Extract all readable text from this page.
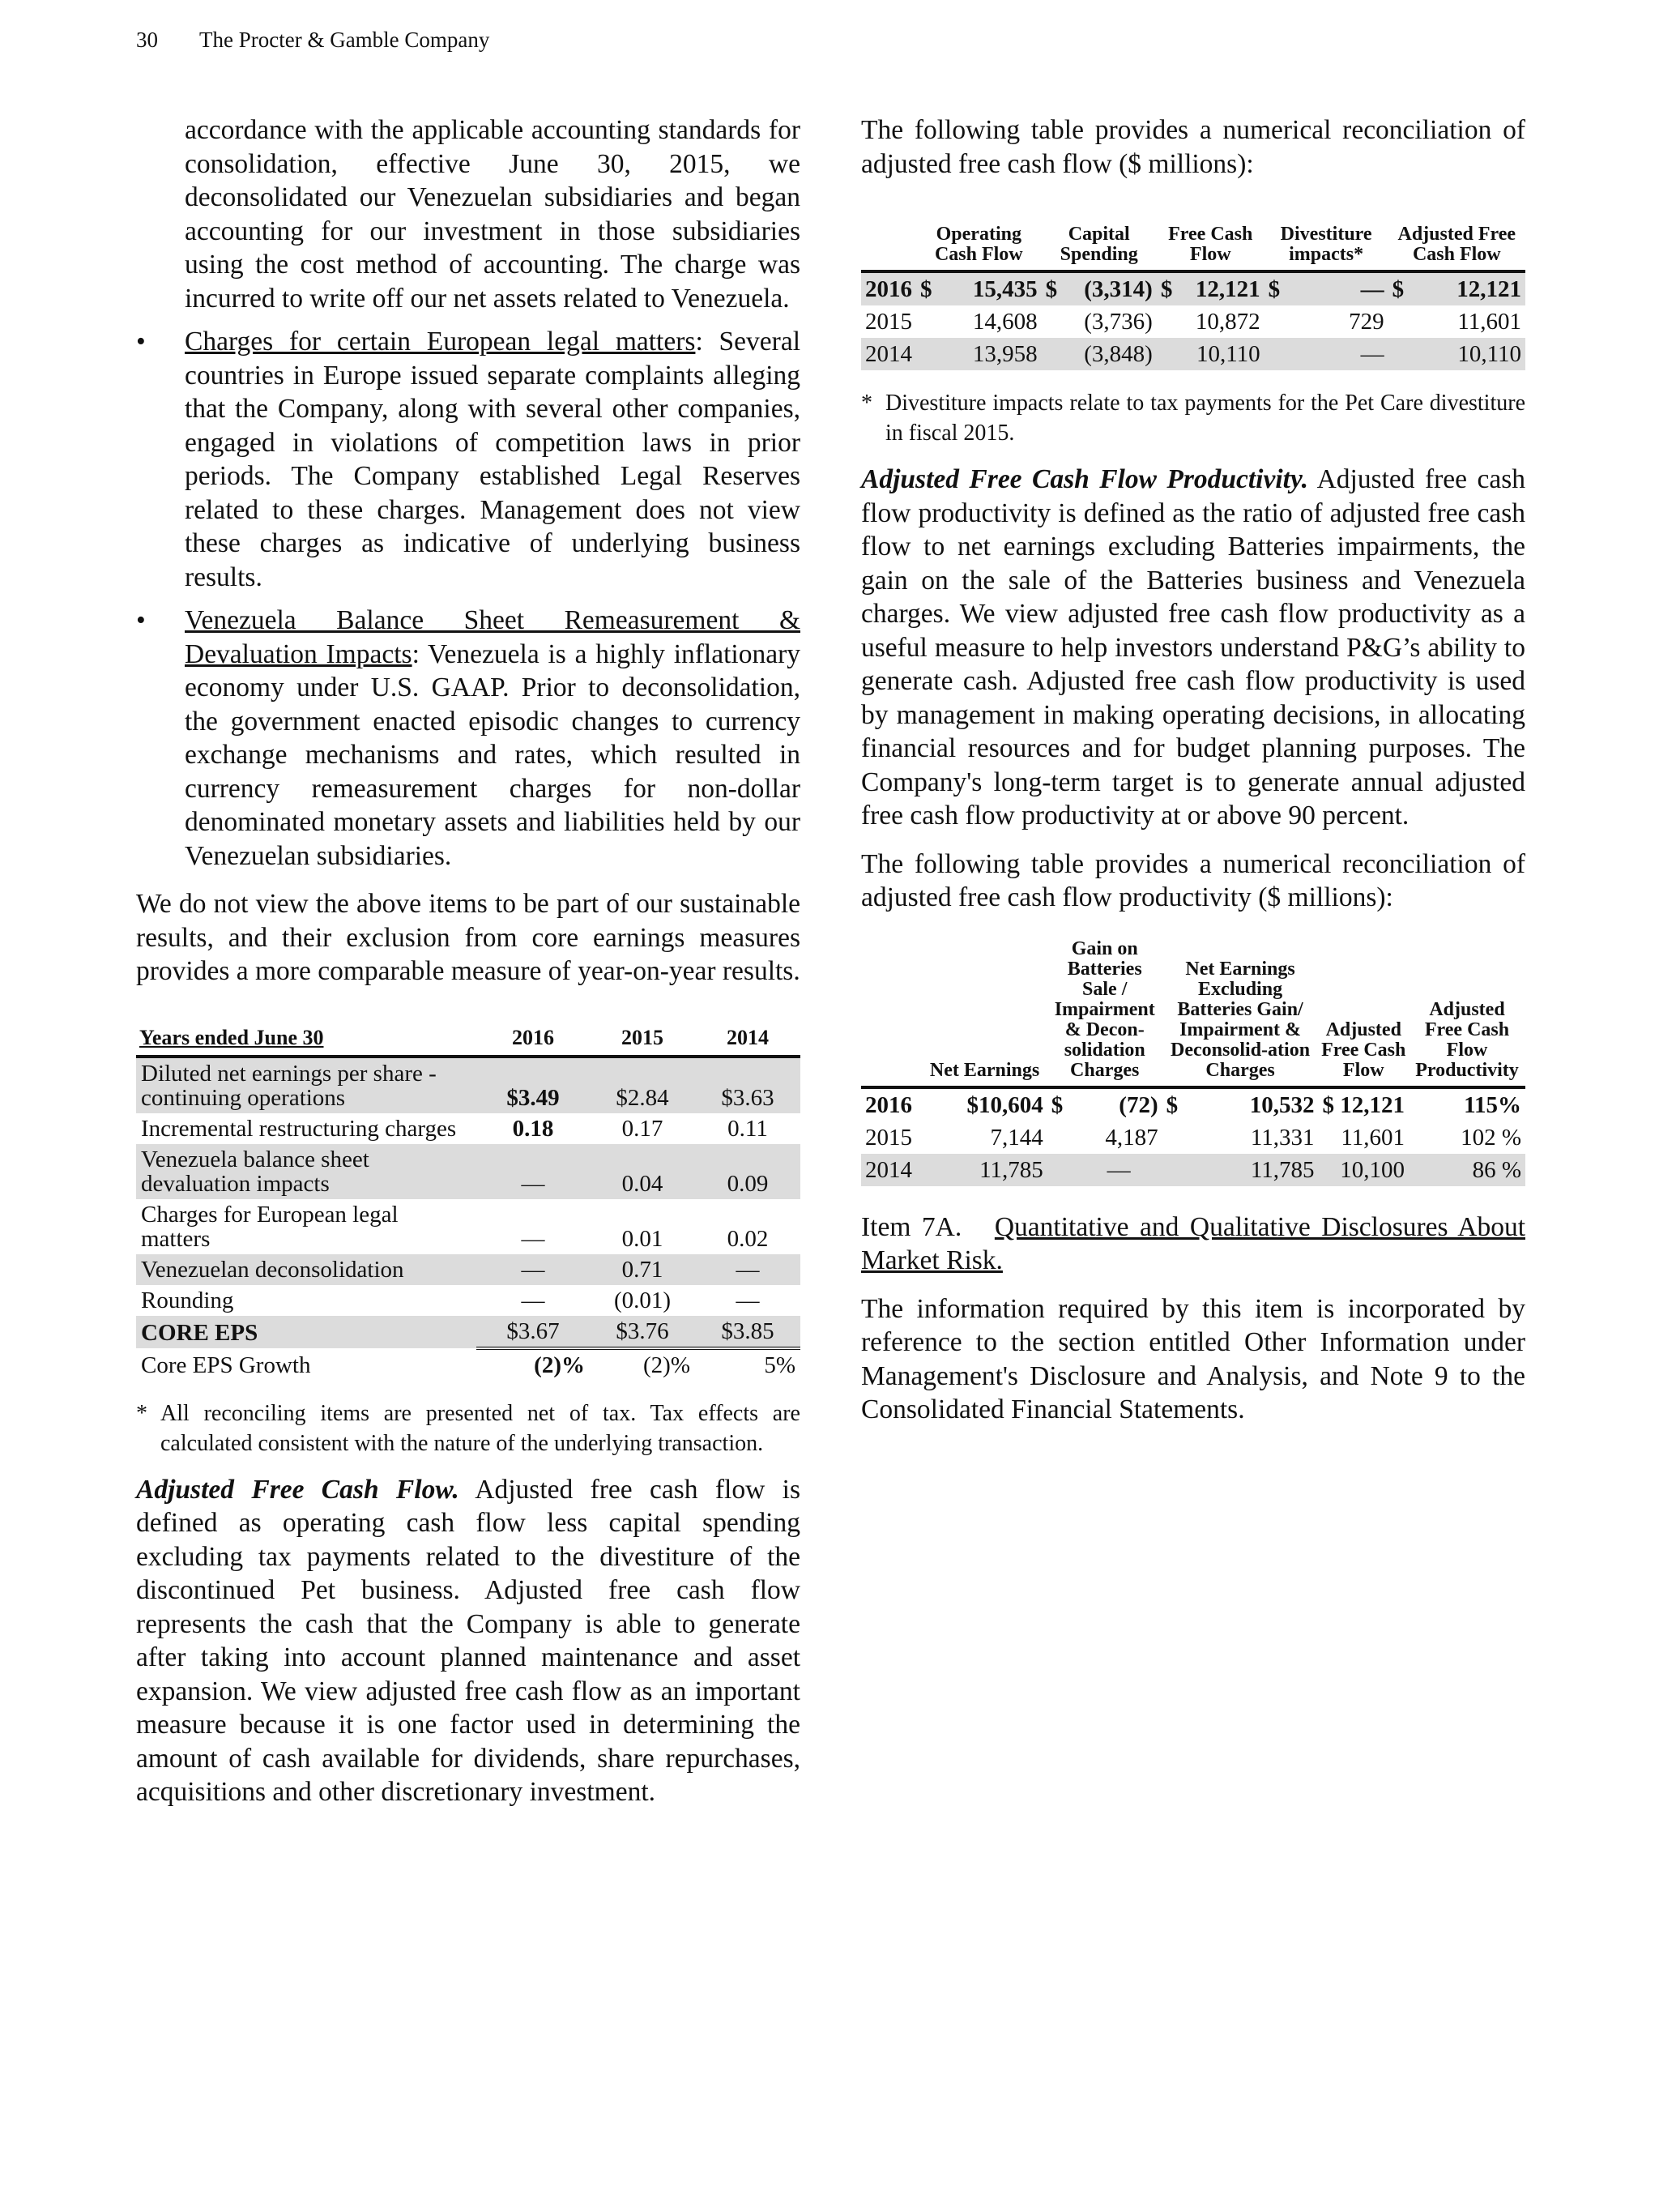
30 The Procter & Gamble Company

accordance with the applicable accounting standards for consolidation, effective June 30, 2015, we deconsolidated our Venezuelan subsidiaries and began accounting for our investment in those subsidiaries using the cost method of accounting. The charge was incurred to write off our net assets related to Venezuela.

• Charges for certain European legal matters: Several countries in Europe issued separate complaints alleging that the Company, along with several other companies, engaged in violations of competition laws in prior periods. The Company established Legal Reserves related to these charges. Management does not view these charges as indicative of underlying business results.
• Venezuela Balance Sheet Remeasurement & Devaluation Impacts: Venezuela is a highly inflationary economy under U.S. GAAP. Prior to deconsolidation, the government enacted episodic changes to currency exchange mechanisms and rates, which resulted in currency remeasurement charges for non-dollar denominated monetary assets and liabilities held by our Venezuelan subsidiaries.

We do not view the above items to be part of our sustainable results, and their exclusion from core earnings measures provides a more comparable measure of year-on-year results.

Years ended June 30	2016	2015	2014
Diluted net earnings per share - continuing operations	$3.49	$2.84	$3.63
Incremental restructuring charges	0.18	0.17	0.11
Venezuela balance sheet devaluation impacts	—	0.04	0.09
Charges for European legal matters	—	0.01	0.02
Venezuelan deconsolidation	—	0.71	—
Rounding	—	(0.01)	—
CORE EPS	$3.67	$3.76	$3.85
Core EPS Growth	(2)%	(2)%	5%
* All reconciling items are presented net of tax. Tax effects are calculated consistent with the nature of the underlying transaction.

Adjusted Free Cash Flow. Adjusted free cash flow is defined as operating cash flow less capital spending excluding tax payments related to the divestiture of the discontinued Pet business. Adjusted free cash flow represents the cash that the Company is able to generate after taking into account planned maintenance and asset expansion. We view adjusted free cash flow as an important measure because it is one factor used in determining the amount of cash available for dividends, share repurchases, acquisitions and other discretionary investment.

The following table provides a numerical reconciliation of adjusted free cash flow ($ millions):

	Operating Cash Flow		Capital Spending		Free Cash Flow		Divestiture impacts*		Adjusted Free Cash Flow	
2016	$	15,435	$	(3,314)	$	12,121	$	—	$	12,121
2015		14,608		(3,736)		10,872		729		11,601
2014		13,958		(3,848)		10,110		—		10,110
* Divestiture impacts relate to tax payments for the Pet Care divestiture in fiscal 2015.

Adjusted Free Cash Flow Productivity. Adjusted free cash flow productivity is defined as the ratio of adjusted free cash flow to net earnings excluding Batteries impairments, the gain on the sale of the Batteries business and Venezuela charges. We view adjusted free cash flow productivity as a useful measure to help investors understand P&G’s ability to generate cash. Adjusted free cash flow productivity is used by management in making operating decisions, in allocating financial resources and for budget planning purposes. The Company's long-term target is to generate annual adjusted free cash flow productivity at or above 90 percent.

The following table provides a numerical reconciliation of adjusted free cash flow productivity ($ millions):

	Net Earnings	Gain on Batteries Sale / Impairment & Decon-solidation Charges		Net Earnings Excluding Batteries Gain/ Impairment & Deconsolid-ation Charges		Adjusted Free Cash Flow	Adjusted Free Cash Flow Productivity
2016	$10,604	$	(72)	$	10,532	$ 12,121	115%
2015	7,144		4,187		11,331	11,601	102 %
2014	11,785		—		11,785	10,100	86 %

Item 7A. Quantitative and Qualitative Disclosures About Market Risk.

The information required by this item is incorporated by reference to the section entitled Other Information under Management's Disclosure and Analysis, and Note 9 to the Consolidated Financial Statements.
